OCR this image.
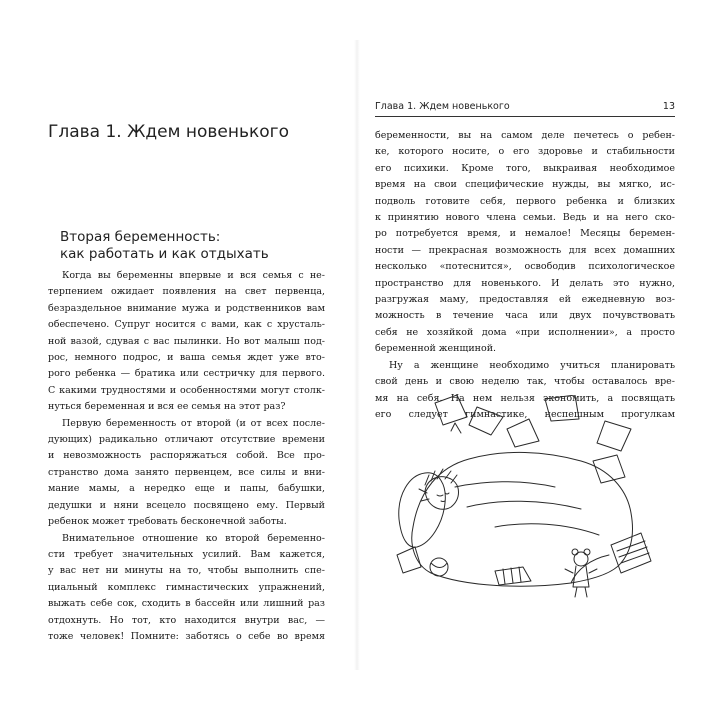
Глава 1. Ждем новенького
Вторая беременность:
как работать и как отдыхать
Когда вы беременны впервые и вся семья с не-
терпением ожидает появления на свет первенца,
безраздельное внимание мужа и родственников вам
обеспечено. Супруг носится с вами, как с хрусталь-
ной вазой, сдувая с вас пылинки. Но вот малыш под-
рос, немного подрос, и ваша семья ждет уже вто-
рого ребенка — братика или сестричку для первого.
С какими трудностями и особенностями могут столк-
нуться беременная и вся ее семья на этот раз?
Первую беременность от второй (и от всех после-
дующих) радикально отличают отсутствие времени
и невозможность распоряжаться собой. Все про-
странство дома занято первенцем, все силы и вни-
мание мамы, а нередко еще и папы, бабушки,
дедушки и няни всецело посвящено ему. Первый
ребенок может требовать бесконечной заботы.
Внимательное отношение ко второй беременно-
сти требует значительных усилий. Вам кажется,
у вас нет ни минуты на то, чтобы выполнить спе-
циальный комплекс гимнастических упражнений,
выжать себе сок, сходить в бассейн или лишний раз
отдохнуть. Но тот, кто находится внутри вас, —
тоже человек! Помните: заботясь о себе во время
Глава 1. Ждем новенького	13
беременности, вы на самом деле печетесь о ребен-
ке, которого носите, о его здоровье и стабильности
его психики. Кроме того, выкраивая необходимое
время на свои специфические нужды, вы мягко, ис-
подволь готовите себя, первого ребенка и близких
к принятию нового члена семьи. Ведь и на него ско-
ро потребуется время, и немалое! Месяцы беремен-
ности — прекрасная возможность для всех домашних
несколько «потеснится», освободив психологическое
пространство для новенького. И делать это нужно,
разгружая маму, предоставляя ей ежедневную воз-
можность в течение часа или двух почувствовать
себя не хозяйкой дома «при исполнении», а просто
беременной женщиной.
Ну а женщине необходимо учиться планировать
свой день и свою неделю так, чтобы оставалось вре-
мя на себя. На нем нельзя экономить, а посвящать
его следует гимнастике, неспешным прогулкам
